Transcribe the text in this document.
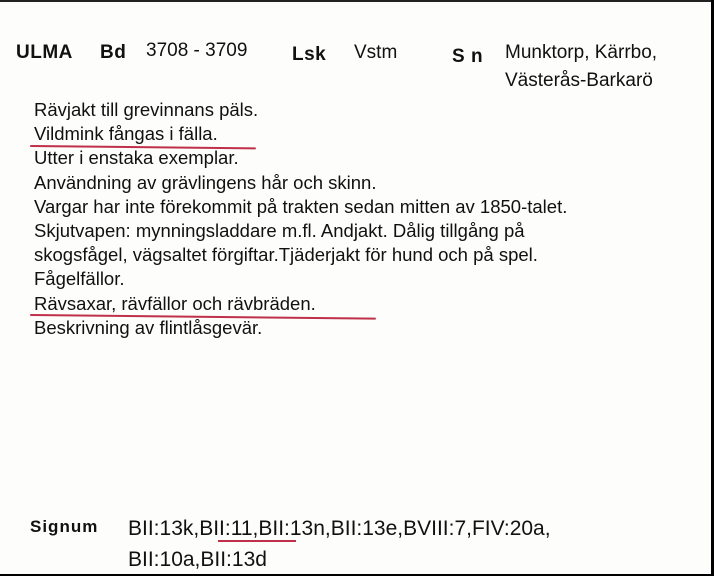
ULMA Bd 3708 - 3709 Lsk Vstm	S n Munktorp, Kärrbo,
Västerås-Barkarö
Rävjakt till grevinnans päls.
Vildmink fångas i fälla.
Utter i enstaka exemplar.
Användning av grävlingens hår och skinn.
Vargar har inte förekommit på trakten sedan mitten av 1850-talet.
Skjutvapen: mynningsladdare m.fl. Andjakt. Dålig tillgång på
skogsfågel, vägsaltet förgiftar.Tjäderjakt för hund och på spel.
Fågelfällor.
Rävsaxar, rävfällor och rävbräden.
Beskrivning av flintlåsgevär.
Signum BII:13k,BII:11,BII:13n,BII:13e,BVIII:7,FIV:20a,
BII:10a,BII:13d
